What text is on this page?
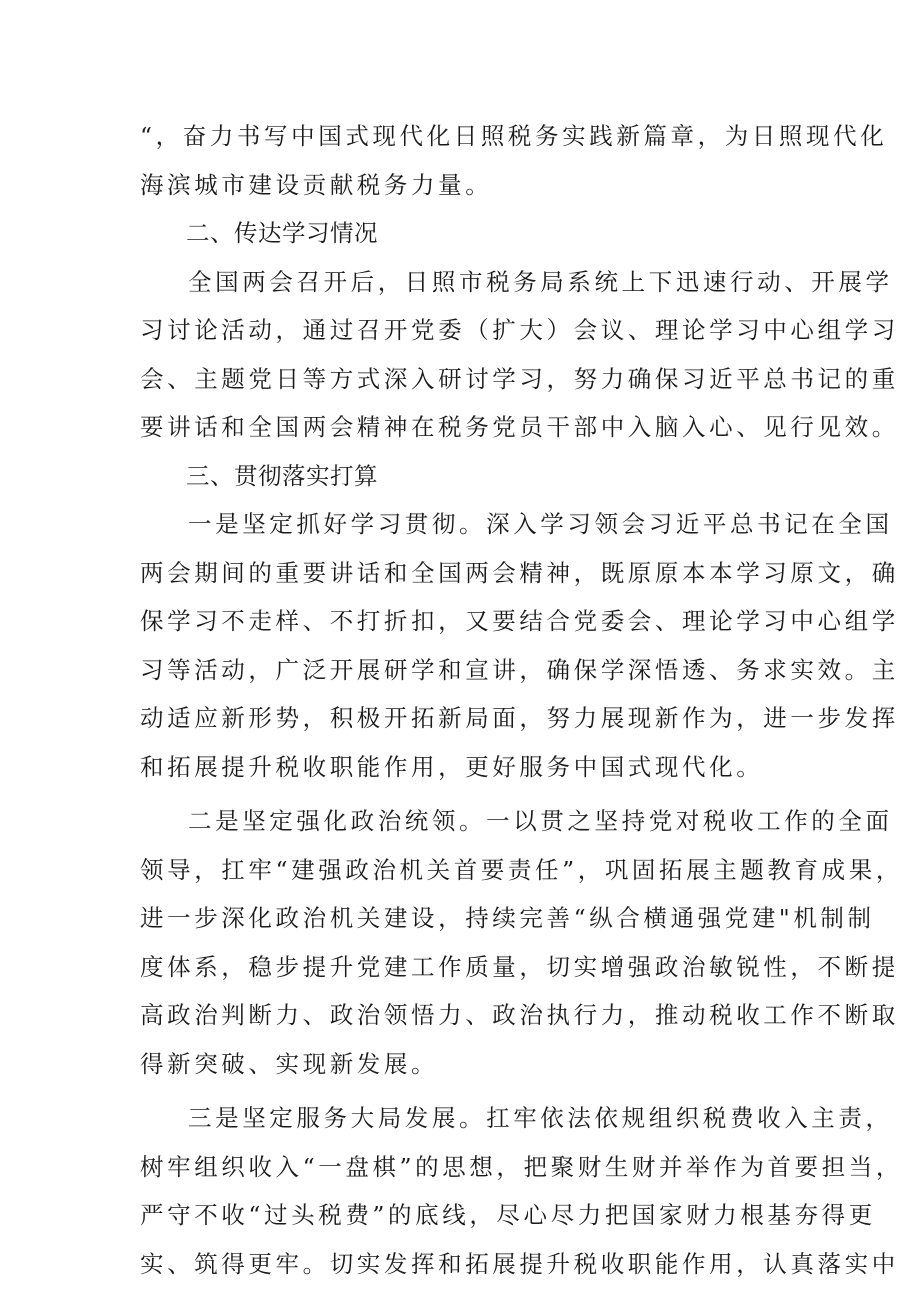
“，奋力书写中国式现代化日照税务实践新篇章，为日照现代化
海滨城市建设贡献税务力量。
二、传达学习情况
全国两会召开后，日照市税务局系统上下迅速行动、开展学
习讨论活动，通过召开党委（扩大）会议、理论学习中心组学习
会、主题党日等方式深入研讨学习，努力确保习近平总书记的重
要讲话和全国两会精神在税务党员干部中入脑入心、见行见效。
三、贯彻落实打算
一是坚定抓好学习贯彻。深入学习领会习近平总书记在全国
两会期间的重要讲话和全国两会精神，既原原本本学习原文，确
保学习不走样、不打折扣，又要结合党委会、理论学习中心组学
习等活动，广泛开展研学和宣讲，确保学深悟透、务求实效。主
动适应新形势，积极开拓新局面，努力展现新作为，进一步发挥
和拓展提升税收职能作用，更好服务中国式现代化。
二是坚定强化政治统领。一以贯之坚持党对税收工作的全面
领导，扛牢“建强政治机关首要责任”，巩固拓展主题教育成果，
进一步深化政治机关建设，持续完善“纵合横通强党建"机制制
度体系，稳步提升党建工作质量，切实增强政治敏锐性，不断提
高政治判断力、政治领悟力、政治执行力，推动税收工作不断取
得新突破、实现新发展。
三是坚定服务大局发展。扛牢依法依规组织税费收入主责，
树牢组织收入“一盘棋”的思想，把聚财生财并举作为首要担当，
严守不收“过头税费”的底线，尽心尽力把国家财力根基夯得更
实、筑得更牢。切实发挥和拓展提升税收职能作用，认真落实中
